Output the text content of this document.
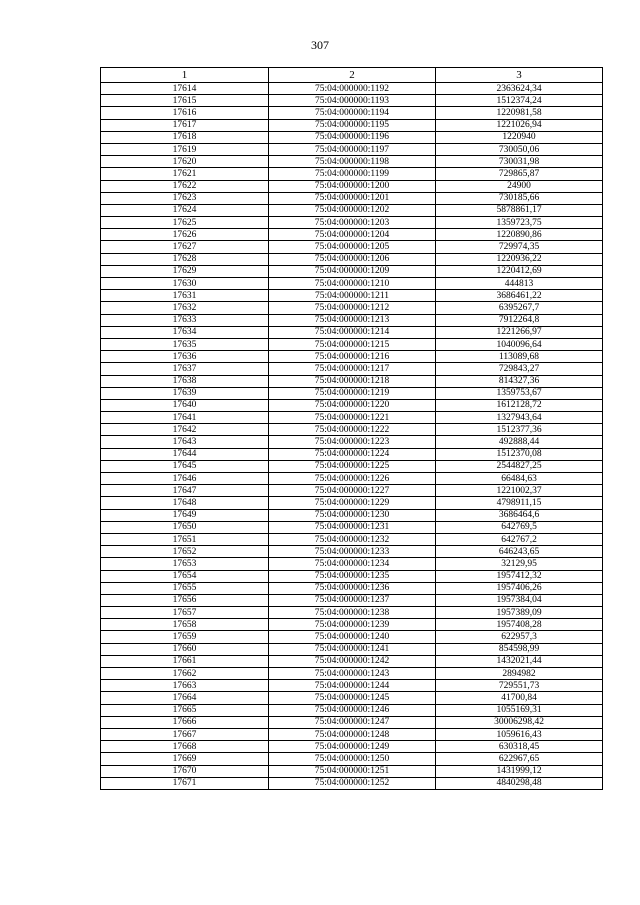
307
1	2	3
17614	75:04:000000:1192	2363624,34
17615	75:04:000000:1193	1512374,24
17616	75:04:000000:1194	1220981,58
17617	75:04:000000:1195	1221026,94
17618	75:04:000000:1196	1220940
17619	75:04:000000:1197	730050,06
17620	75:04:000000:1198	730031,98
17621	75:04:000000:1199	729865,87
17622	75:04:000000:1200	24900
17623	75:04:000000:1201	730185,66
17624	75:04:000000:1202	5878861,17
17625	75:04:000000:1203	1359723,75
17626	75:04:000000:1204	1220890,86
17627	75:04:000000:1205	729974,35
17628	75:04:000000:1206	1220936,22
17629	75:04:000000:1209	1220412,69
17630	75:04:000000:1210	444813
17631	75:04:000000:1211	3686461,22
17632	75:04:000000:1212	6395267,7
17633	75:04:000000:1213	7912264,8
17634	75:04:000000:1214	1221266,97
17635	75:04:000000:1215	1040096,64
17636	75:04:000000:1216	113089,68
17637	75:04:000000:1217	729843,27
17638	75:04:000000:1218	814327,36
17639	75:04:000000:1219	1359753,67
17640	75:04:000000:1220	1612128,72
17641	75:04:000000:1221	1327943,64
17642	75:04:000000:1222	1512377,36
17643	75:04:000000:1223	492888,44
17644	75:04:000000:1224	1512370,08
17645	75:04:000000:1225	2544827,25
17646	75:04:000000:1226	66484,63
17647	75:04:000000:1227	1221002,37
17648	75:04:000000:1229	4798911,15
17649	75:04:000000:1230	3686464,6
17650	75:04:000000:1231	642769,5
17651	75:04:000000:1232	642767,2
17652	75:04:000000:1233	646243,65
17653	75:04:000000:1234	32129,95
17654	75:04:000000:1235	1957412,32
17655	75:04:000000:1236	1957406,26
17656	75:04:000000:1237	1957384,04
17657	75:04:000000:1238	1957389,09
17658	75:04:000000:1239	1957408,28
17659	75:04:000000:1240	622957,3
17660	75:04:000000:1241	854598,99
17661	75:04:000000:1242	1432021,44
17662	75:04:000000:1243	2894982
17663	75:04:000000:1244	729551,73
17664	75:04:000000:1245	41700,84
17665	75:04:000000:1246	1055169,31
17666	75:04:000000:1247	30006298,42
17667	75:04:000000:1248	1059616,43
17668	75:04:000000:1249	630318,45
17669	75:04:000000:1250	622967,65
17670	75:04:000000:1251	1431999,12
17671	75:04:000000:1252	4840298,48
